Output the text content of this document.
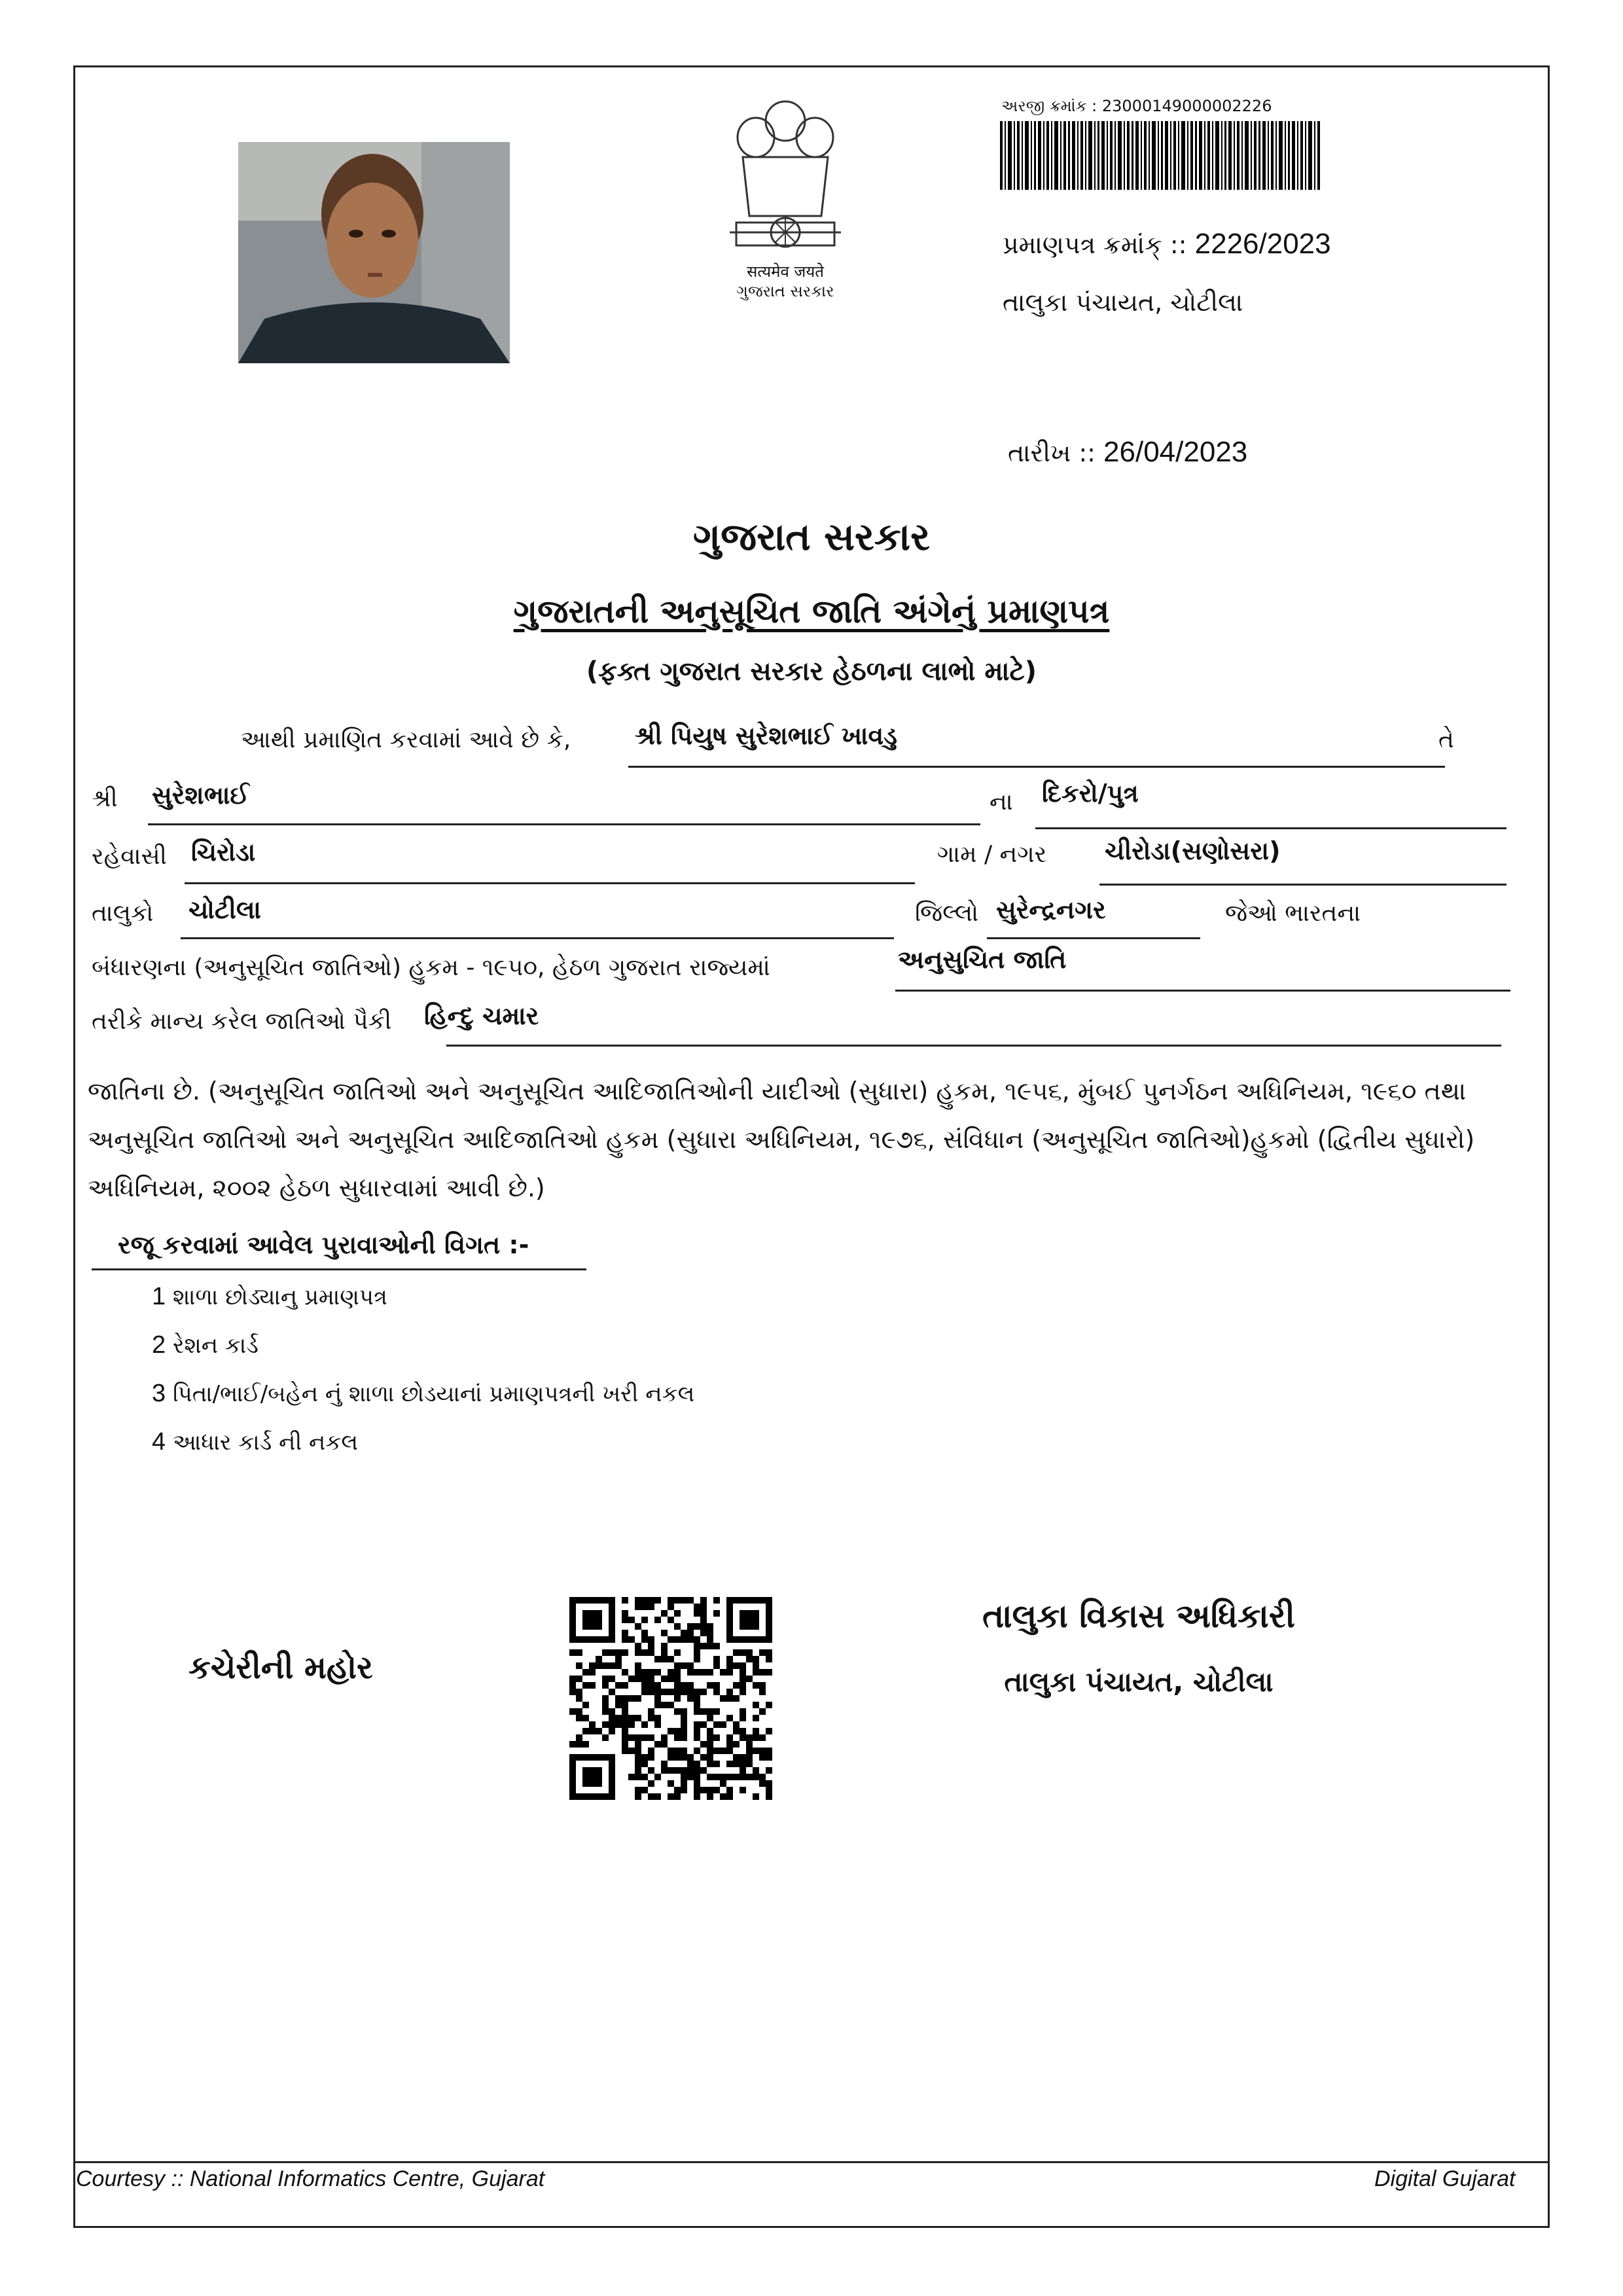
सत्यमेव जयते
ગુજરાત સરકાર
અરજી ક્રમાંક : 23000149000002226
પ્રમાણપત્ર ક્રમાંક્ :: 2226/2023
તાલુકા પંચાયત, ચોટીલા
તારીખ :: 26/04/2023
ગુજરાત સરકાર
ગુજરાતની અનુસૂચિત જાતિ અંગેનું પ્રમાણપત્ર
(ફક્ત ગુજરાત સરકાર હેઠળના લાભો માટે)
આથી પ્રમાણિત કરવામાં આવે છે કે,	શ્રી પિયુષ સુરેશભાઈ ખાવડુ	તે
શ્રી સુરેશભાઈ	ના દિકરો/પુત્ર
રહેવાસી ચિરોડા	ગામ / નગર ચીરોડા(સણોસરા)
તાલુકો ચોટીલા	જિલ્લો સુરેન્દ્રનગર	જેઓ ભારતના
બંધારણના (અનુસૂચિત જાતિઓ) હુકમ - ૧૯૫૦, હેઠળ ગુજરાત રાજ્યમાં	અનુસુચિત જાતિ
તરીકે માન્ય કરેલ જાતિઓ પૈકી હિન્દુ ચમાર
જાતિના છે. (અનુસૂચિત જાતિઓ અને અનુસૂચિત આદિજાતિઓની યાદીઓ (સુધારા) હુકમ, ૧૯૫૬, મુંબઈ પુનર્ગઠન અધિનિયમ, ૧૯૬૦ તથા
અનુસૂચિત જાતિઓ અને અનુસૂચિત આદિજાતિઓ હુકમ (સુધારા અધિનિયમ, ૧૯૭૬, સંવિધાન (અનુસૂચિત જાતિઓ)હુકમો (દ્વિતીય સુધારો)
અધિનિયમ, ૨૦૦૨ હેઠળ સુધારવામાં આવી છે.)
રજૂ કરવામાં આવેલ પુરાવાઓની વિગત :-
1 શાળા છોડ્યાનુ પ્રમાણપત્ર
2 રેશન કાર્ડ
3 પિતા/ભાઈ/બહેન નું શાળા છોડયાનાં પ્રમાણપત્રની ખરી નકલ
4 આધાર કાર્ડ ની નકલ
કચેરીની મહોર
તાલુકા વિકાસ અધિકારી
તાલુકા પંચાયત, ચોટીલા
Courtesy :: National Informatics Centre, Gujarat	Digital Gujarat
